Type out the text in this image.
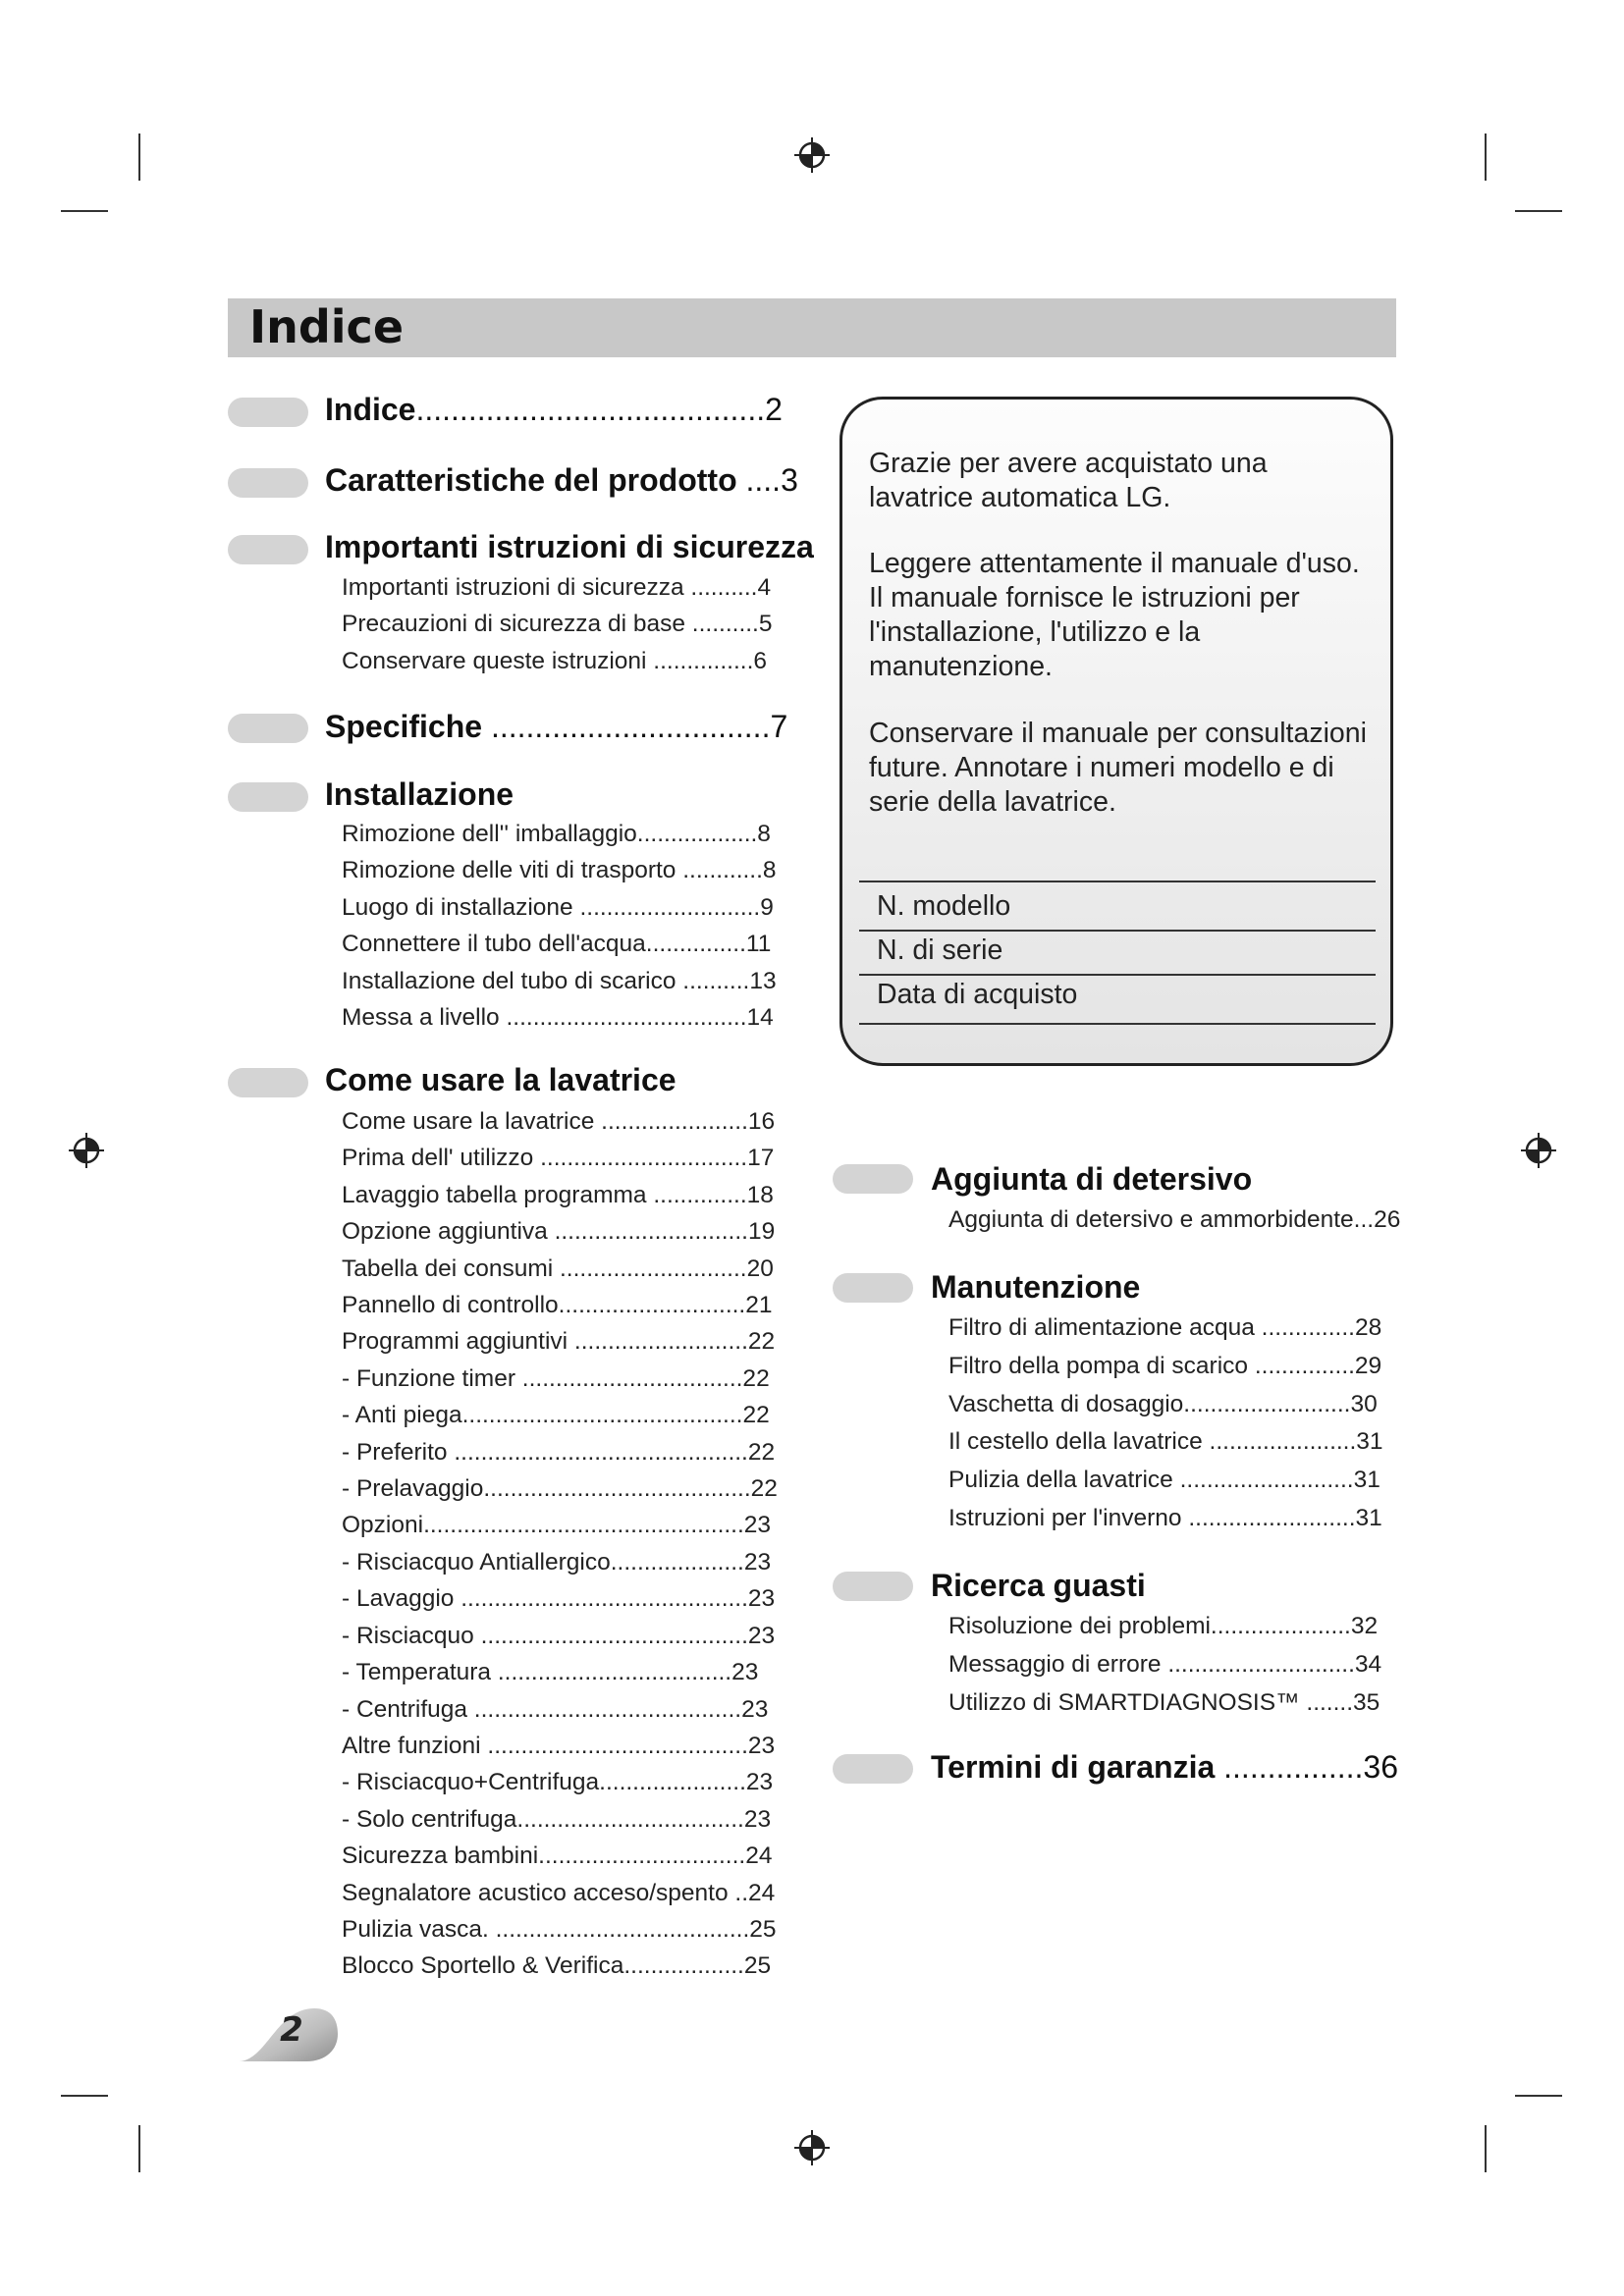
Indice
Indice........................................2
Caratteristiche del prodotto ....3
Importanti istruzioni di sicurezza
Importanti istruzioni di sicurezza ..........4
Precauzioni di sicurezza di base ..........5
Conservare queste istruzioni ...............6
Specifiche ................................7
Installazione
Rimozione dell'' imballaggio..................8
Rimozione delle viti di trasporto ............8
Luogo di installazione ...........................9
Connettere il tubo dell'acqua...............11
Installazione del tubo di scarico ..........13
Messa a livello ....................................14
Come usare la lavatrice
Come usare la lavatrice ......................16
Prima dell' utilizzo ...............................17
Lavaggio tabella programma ..............18
Opzione aggiuntiva .............................19
Tabella dei consumi ............................20
Pannello di controllo............................21
Programmi aggiuntivi ..........................22
- Funzione timer .................................22
- Anti piega..........................................22
- Preferito ............................................22
- Prelavaggio........................................22
Opzioni................................................23
- Risciacquo Antiallergico....................23
- Lavaggio ...........................................23
- Risciacquo ........................................23
- Temperatura ...................................23
- Centrifuga ........................................23
Altre funzioni .......................................23
- Risciacquo+Centrifuga......................23
- Solo centrifuga..................................23
Sicurezza bambini...............................24
Segnalatore acustico acceso/spento ..24
Pulizia vasca. ......................................25
Blocco Sportello & Verifica..................25

Grazie per avere acquistato una lavatrice automatica LG.

Leggere attentamente il manuale d'uso. Il manuale fornisce le istruzioni per l'installazione, l'utilizzo e la manutenzione.

Conservare il manuale per consultazioni future. Annotare i numeri modello e di serie della lavatrice.

N. modello
N. di serie
Data di acquisto
Aggiunta di detersivo
Aggiunta di detersivo e ammorbidente...26
Manutenzione
Filtro di alimentazione acqua ..............28
Filtro della pompa di scarico ...............29
Vaschetta di dosaggio.........................30
Il cestello della lavatrice ......................31
Pulizia della lavatrice ..........................31
Istruzioni per l'inverno .........................31
Ricerca guasti
Risoluzione dei problemi.....................32
Messaggio di errore ............................34
Utilizzo di SMARTDIAGNOSIS™ .......35
Termini di garanzia ................36
2
